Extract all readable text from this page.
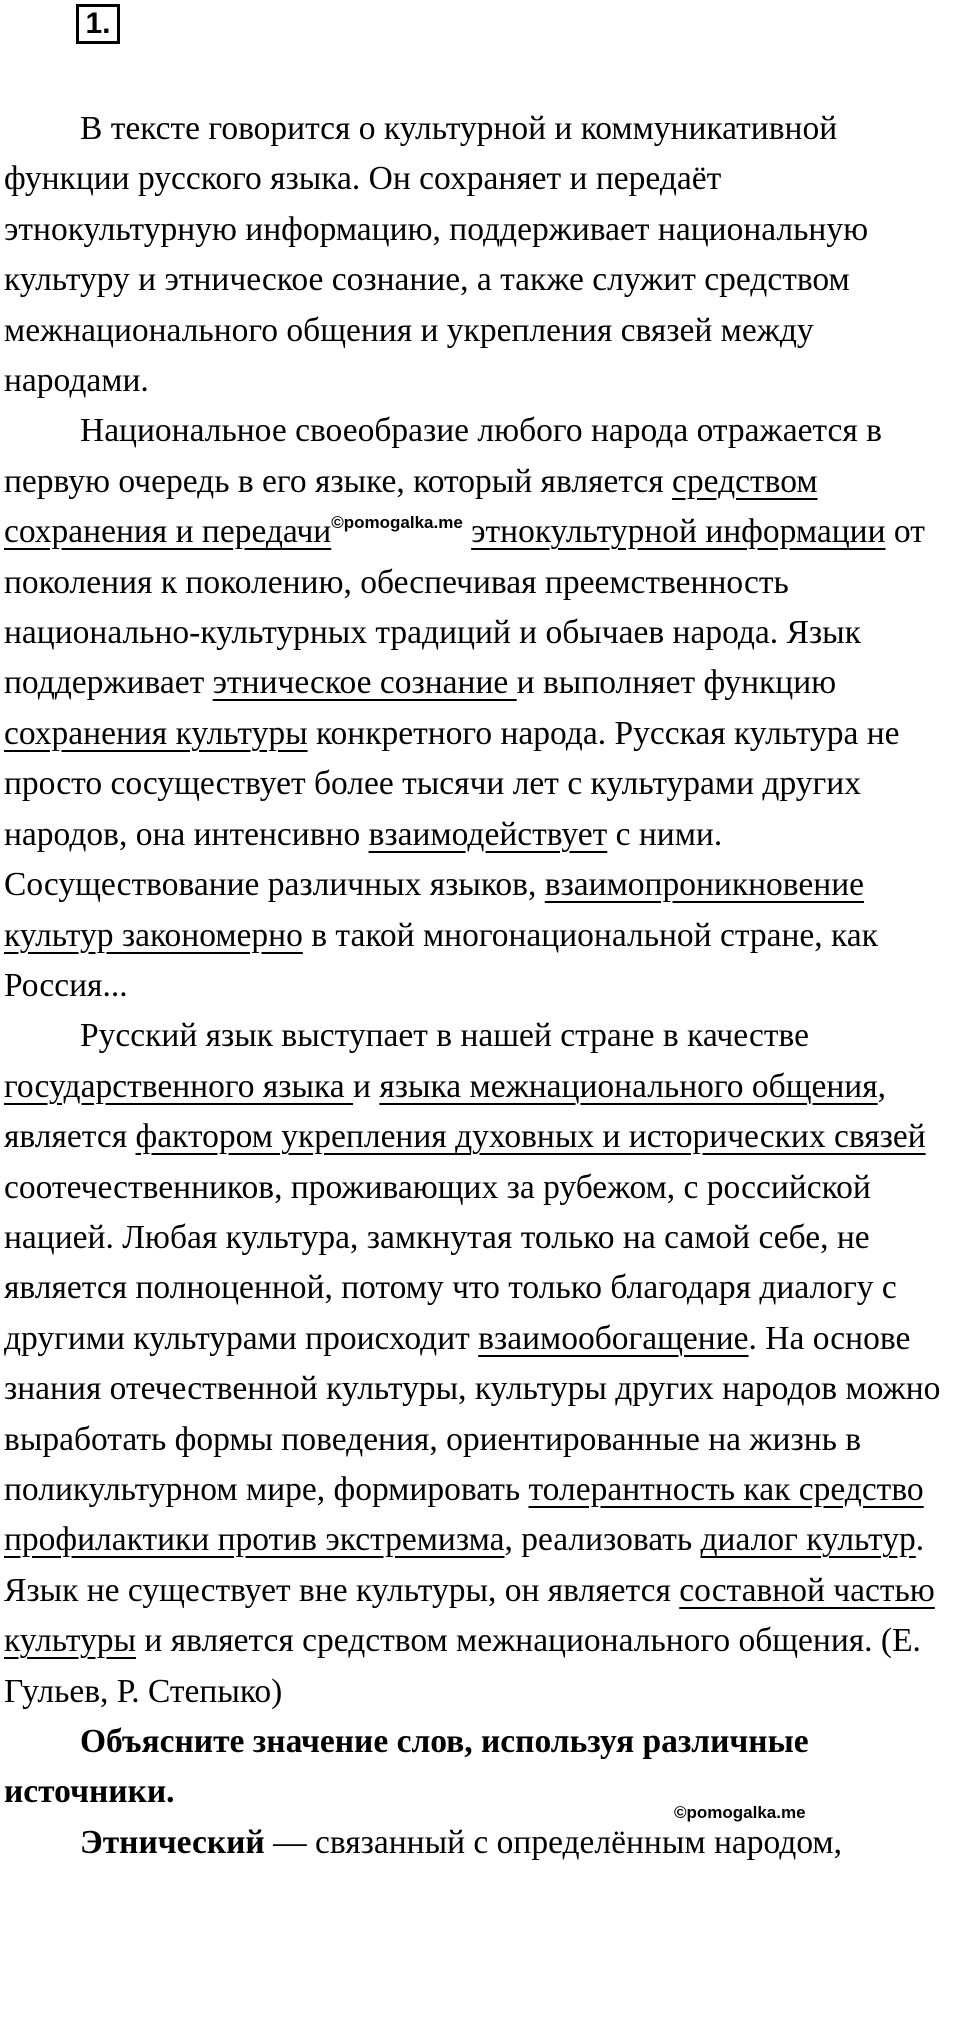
1.

В тексте говорится о культурной и коммуникативной функции русского языка. Он сохраняет и передаёт этнокультурную информацию, поддерживает национальную культуру и этническое сознание, а также служит средством межнационального общения и укрепления связей между народами.

Национальное своеобразие любого народа отражается в первую очередь в его языке, который является средством сохранения и передачи$^{©pomogalka.me}$ этнокультурной информации от поколения к поколению, обеспечивая преемственность национально-культурных традиций и обычаев народа. Язык поддерживает этническое сознание и выполняет функцию сохранения культуры конкретного народа. Русская культура не просто сосуществует более тысячи лет с культурами других народов, она интенсивно взаимодействует с ними. Сосуществование различных языков, взаимопроникновение культур закономерно в такой многонациональной стране, как Россия...

Русский язык выступает в нашей стране в качестве государственного языка и языка межнационального общения, является фактором укрепления духовных и исторических связей соотечественников, проживающих за рубежом, с российской нацией. Любая культура, замкнутая только на самой себе, не является полноценной, потому что только благодаря диалогу с другими культурами происходит взаимообогащение. На основе знания отечественной культуры, культуры других народов можно выработать формы поведения, ориентированные на жизнь в поликультурном мире, формировать толерантность как средство профилактики против экстремизма, реализовать диалог культур. Язык не существует вне культуры, он является составной частью культуры и является средством межнационального общения. (Е. Гульев, Р. Степыко)

Объясните значение слов, используя различные источники.

Этнический — связанный с определённым народом,

©pomogalka.me
